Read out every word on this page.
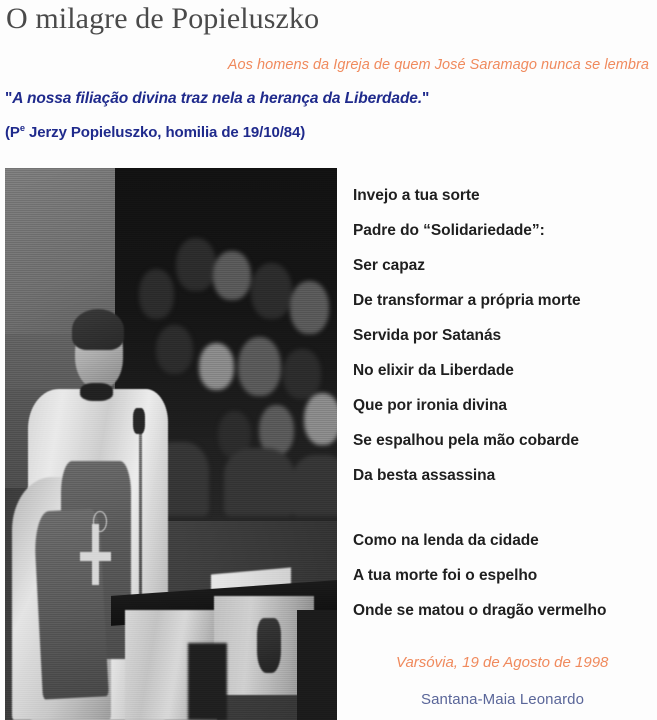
O milagre de Popieluszko
Aos homens da Igreja de quem José Saramago nunca se lembra
"A nossa filiação divina traz nela a herança da Liberdade."
($P^e$ Jerzy Popieluszko, homilia de 19/10/84)
Invejo a tua sorte
Padre do “Solidariedade”:
Ser capaz
De transformar a própria morte
Servida por Satanás
No elixir da Liberdade
Que por ironia divina
Se espalhou pela mão cobarde
Da besta assassina
Como na lenda da cidade
A tua morte foi o espelho
Onde se matou o dragão vermelho
Varsóvia, 19 de Agosto de 1998
Santana-Maia Leonardo
